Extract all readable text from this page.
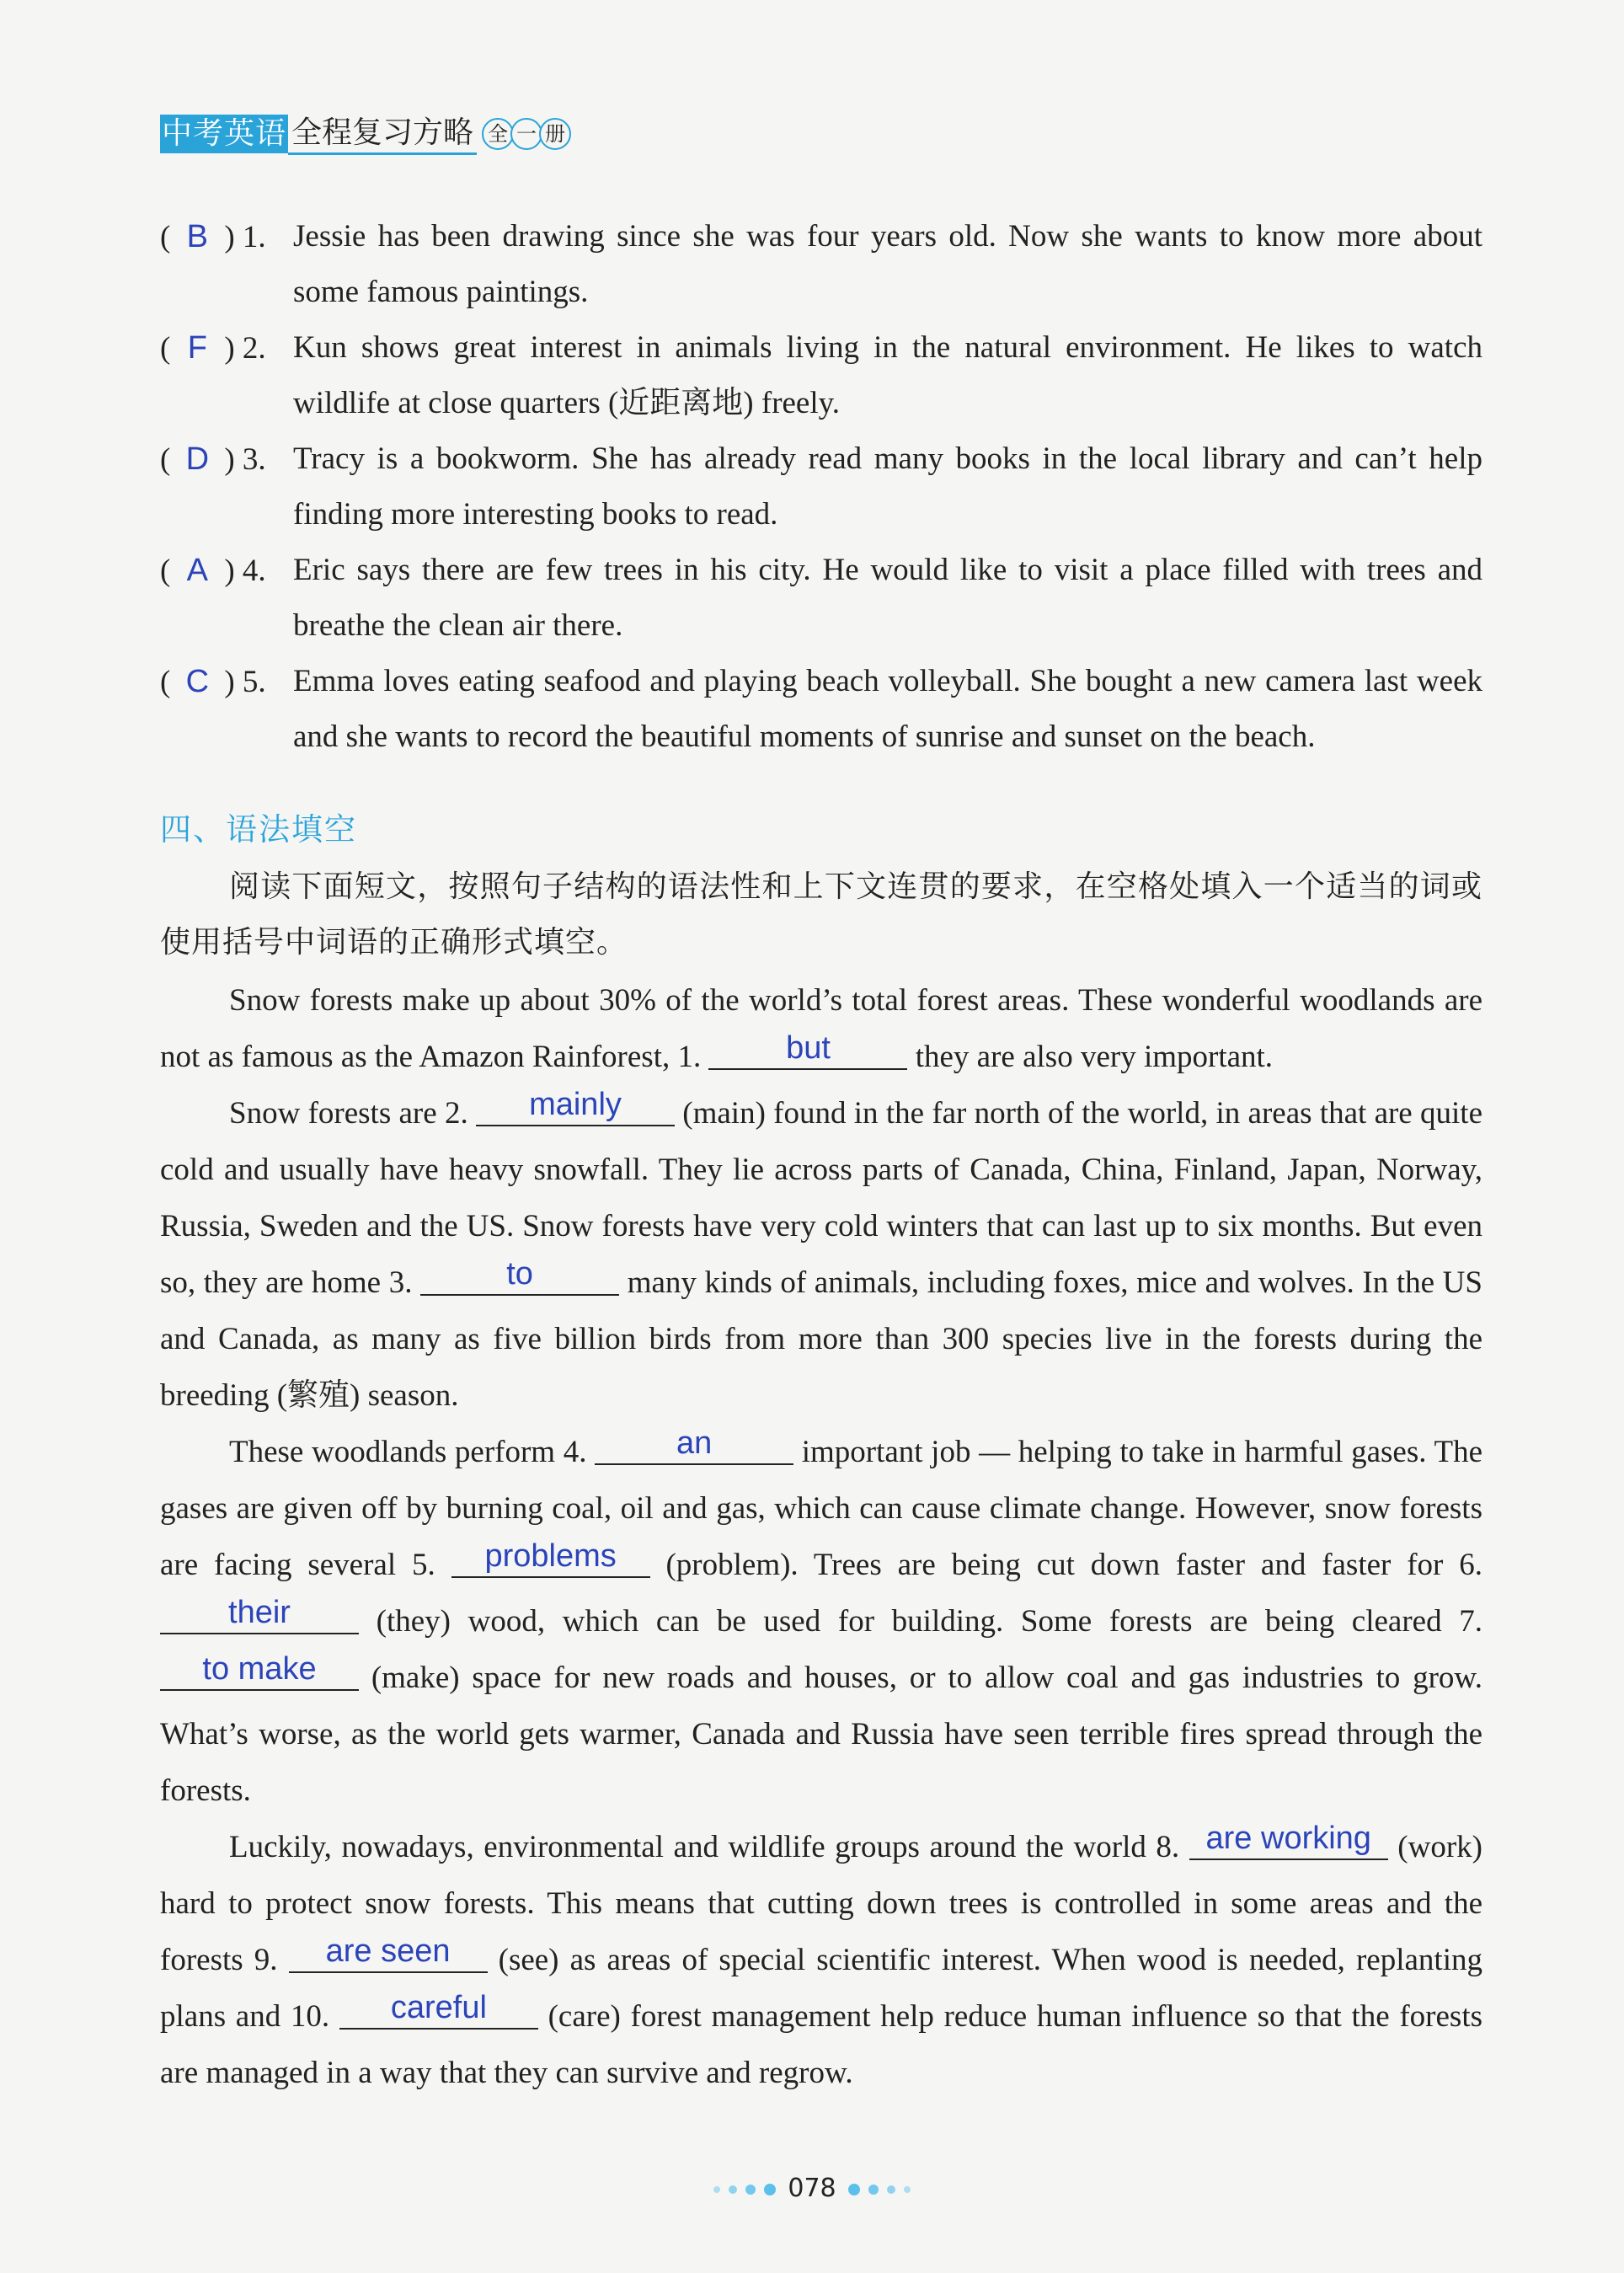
中考英语 全程复习方略 全 一 册
( B ) 1. Jessie has been drawing since she was four years old. Now she wants to know more about some famous paintings.
( F ) 2. Kun shows great interest in animals living in the natural environment. He likes to watch wildlife at close quarters (近距离地) freely.
( D ) 3. Tracy is a bookworm. She has already read many books in the local library and can’t help finding more interesting books to read.
( A ) 4. Eric says there are few trees in his city. He would like to visit a place filled with trees and breathe the clean air there.
( C ) 5. Emma loves eating seafood and playing beach volleyball. She bought a new camera last week and she wants to record the beautiful moments of sunrise and sunset on the beach.
四、语法填空
阅读下面短文，按照句子结构的语法性和上下文连贯的要求，在空格处填入一个适当的词或使用括号中词语的正确形式填空。

Snow forests make up about 30% of the world’s total forest areas. These wonderful woodlands are not as famous as the Amazon Rainforest, 1. but they are also very important.

Snow forests are 2. mainly (main) found in the far north of the world, in areas that are quite cold and usually have heavy snowfall. They lie across parts of Canada, China, Finland, Japan, Norway, Russia, Sweden and the US. Snow forests have very cold winters that can last up to six months. But even so, they are home 3.	to	many kinds of animals, including foxes, mice and wolves. In the US and Canada, as many as five billion birds from more than 300 species live in the forests during the breeding (繁殖) season.

These woodlands perform 4.	an	important job — helping to take in harmful gases. The gases are given off by burning coal, oil and gas, which can cause climate change. However, snow forests are facing several 5. problems (problem). Trees are being cut down faster and faster for 6. their (they) wood, which can be used for building. Some forests are being cleared 7. to make (make) space for new roads and houses, or to allow coal and gas industries to grow. What’s worse, as the world gets warmer, Canada and Russia have seen terrible fires spread through the forests.

Luckily, nowadays, environmental and wildlife groups around the world 8. are working (work) hard to protect snow forests. This means that cutting down trees is controlled in some areas and the forests 9. are seen (see) as areas of special scientific interest. When wood is needed, replanting plans and 10. careful (care) forest management help reduce human influence so that the forests are managed in a way that they can survive and regrow.

078
